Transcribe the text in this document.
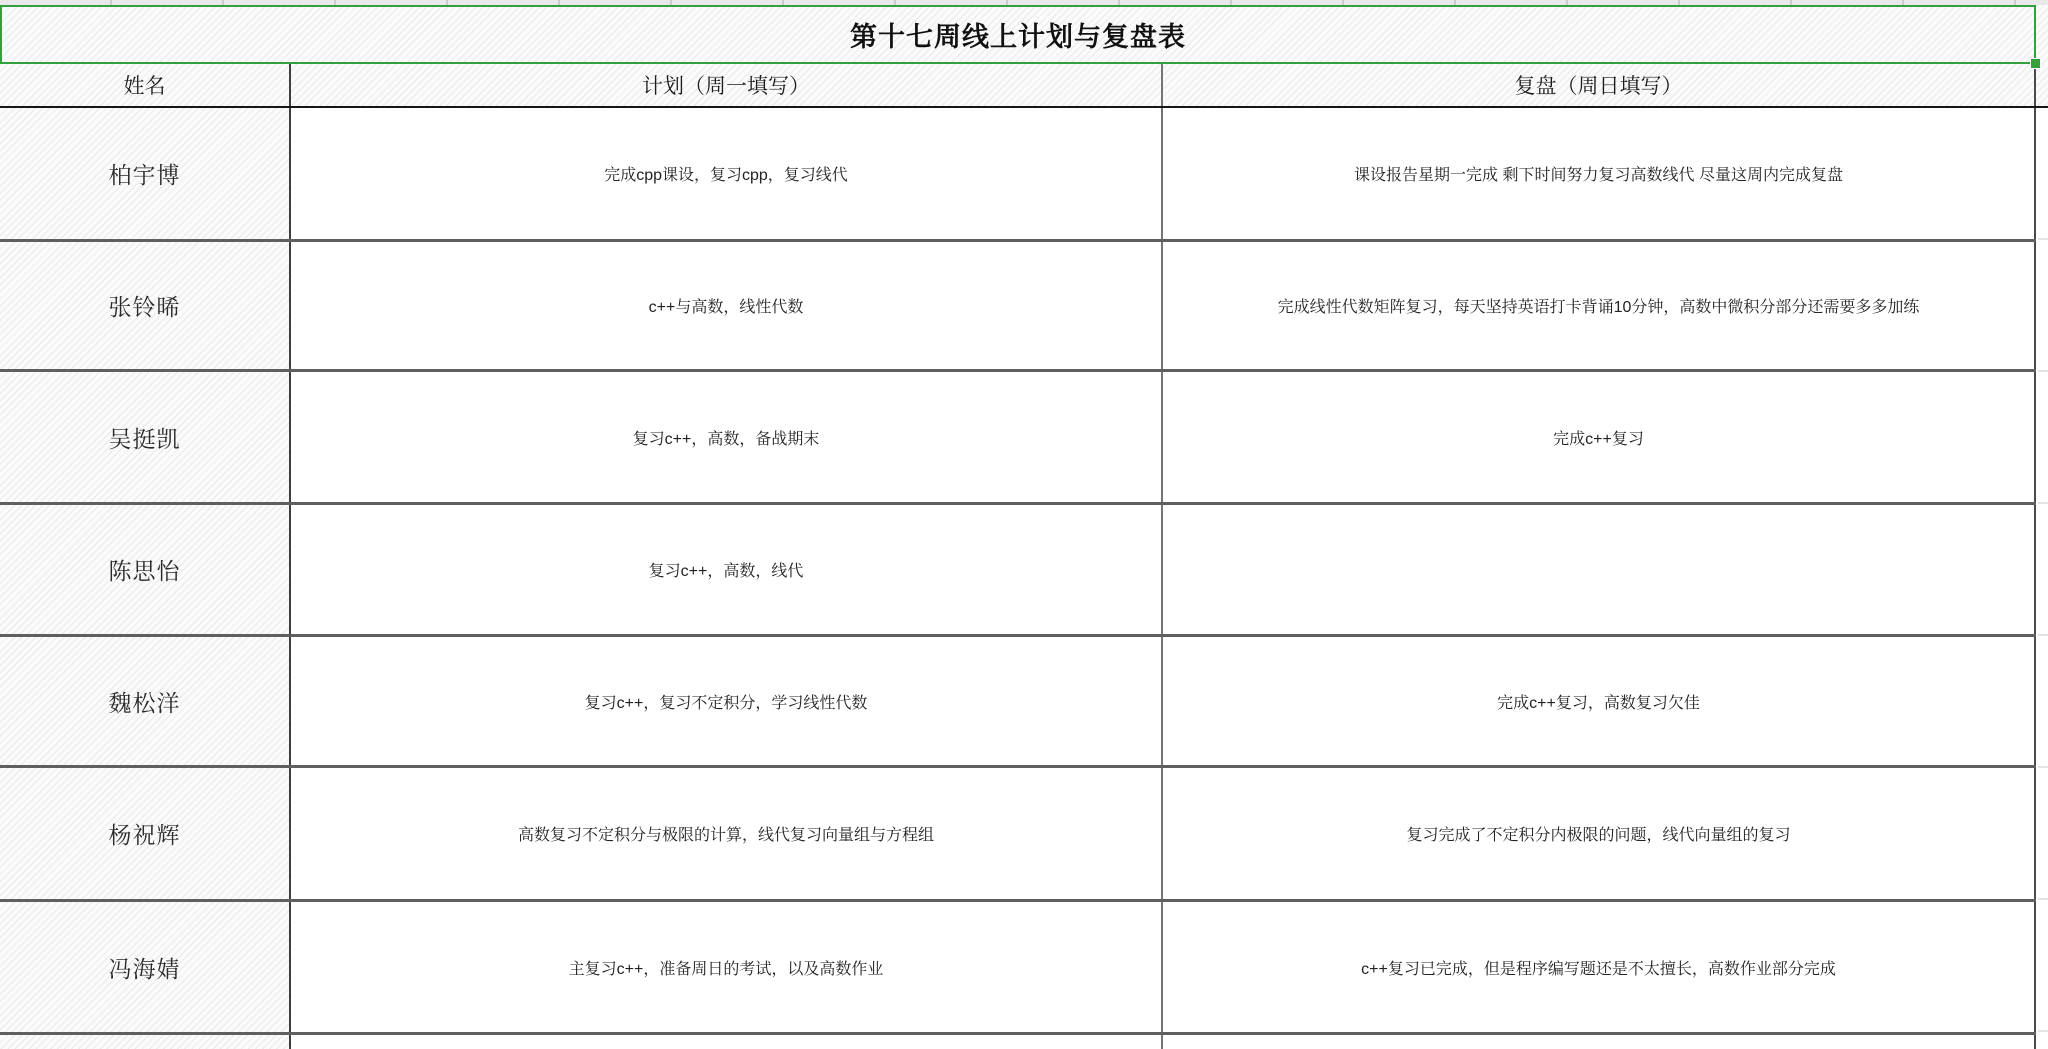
第十七周线上计划与复盘表
姓名	计划（周一填写）	复盘（周日填写）
柏宇博	完成cpp课设，复习cpp，复习线代	课设报告星期一完成 剩下时间努力复习高数线代 尽量这周内完成复盘
张铃晞	c++与高数，线性代数	完成线性代数矩阵复习，每天坚持英语打卡背诵10分钟，高数中微积分部分还需要多多加练
吴挺凯	复习c++，高数，备战期末	完成c++复习
陈思怡	复习c++，高数，线代
魏松洋	复习c++，复习不定积分，学习线性代数	完成c++复习，高数复习欠佳
杨祝辉	高数复习不定积分与极限的计算，线代复习向量组与方程组	复习完成了不定积分内极限的问题，线代向量组的复习
冯海婧	主复习c++，准备周日的考试，以及高数作业	c++复习已完成，但是程序编写题还是不太擅长，高数作业部分完成
